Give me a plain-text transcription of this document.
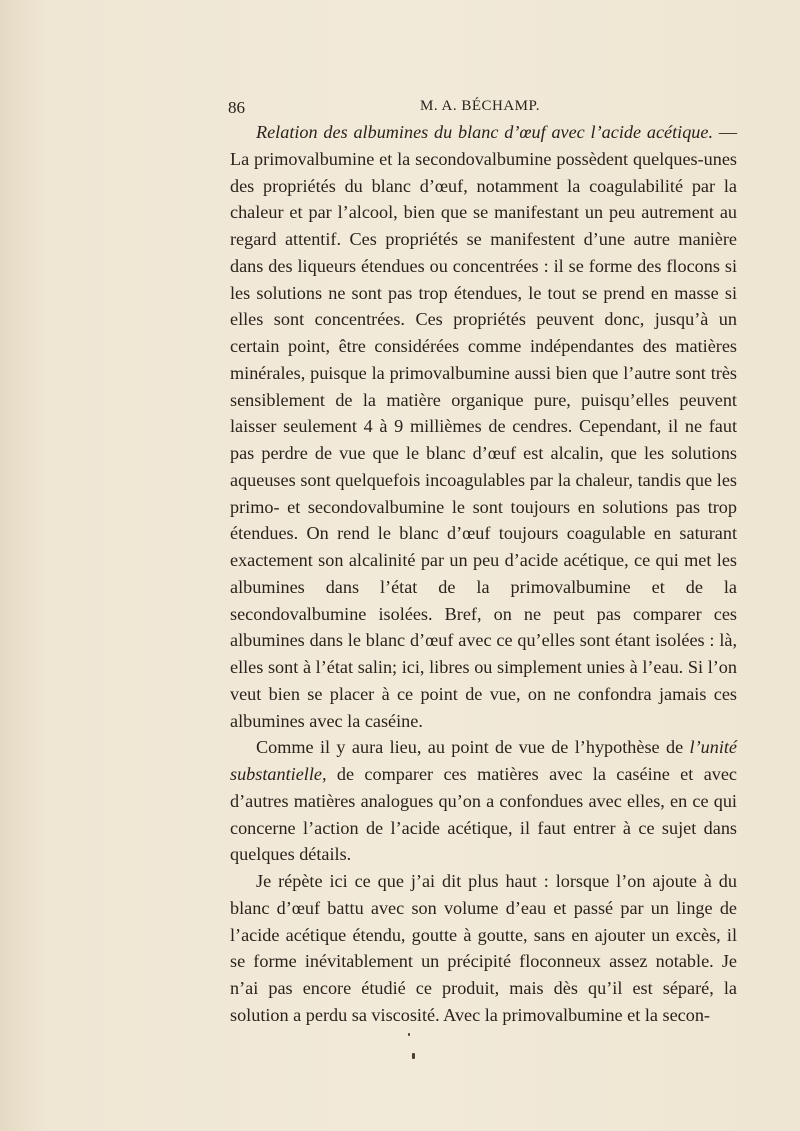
86	M. A. BÉCHAMP.

Relation des albumines du blanc d’œuf avec l’acide acétique. — La primovalbumine et la secondovalbumine possèdent quelques-unes des propriétés du blanc d’œuf, notamment la coagulabilité par la chaleur et par l’alcool, bien que se manifestant un peu autrement au regard attentif. Ces propriétés se manifestent d’une autre manière dans des liqueurs étendues ou concentrées : il se forme des flocons si les solutions ne sont pas trop étendues, le tout se prend en masse si elles sont concentrées. Ces propriétés peuvent donc, jusqu’à un certain point, être considérées comme indépendantes des matières minérales, puisque la primovalbumine aussi bien que l’autre sont très sensiblement de la matière organique pure, puisqu’elles peuvent laisser seulement 4 à 9 millièmes de cendres. Cependant, il ne faut pas perdre de vue que le blanc d’œuf est alcalin, que les solutions aqueuses sont quelquefois incoagulables par la chaleur, tandis que les primo- et secondovalbumine le sont toujours en solutions pas trop étendues. On rend le blanc d’œuf toujours coagulable en saturant exactement son alcalinité par un peu d’acide acétique, ce qui met les albumines dans l’état de la primovalbumine et de la secondovalbumine isolées. Bref, on ne peut pas comparer ces albumines dans le blanc d’œuf avec ce qu’elles sont étant isolées : là, elles sont à l’état salin; ici, libres ou simplement unies à l’eau. Si l’on veut bien se placer à ce point de vue, on ne confondra jamais ces albumines avec la caséine.

Comme il y aura lieu, au point de vue de l’hypothèse de l’unité substantielle, de comparer ces matières avec la caséine et avec d’autres matières analogues qu’on a confondues avec elles, en ce qui concerne l’action de l’acide acétique, il faut entrer à ce sujet dans quelques détails.

Je répète ici ce que j’ai dit plus haut : lorsque l’on ajoute à du blanc d’œuf battu avec son volume d’eau et passé par un linge de l’acide acétique étendu, goutte à goutte, sans en ajouter un excès, il se forme inévitablement un précipité floconneux assez notable. Je n’ai pas encore étudié ce produit, mais dès qu’il est séparé, la solution a perdu sa viscosité. Avec la primovalbumine et la secon-
